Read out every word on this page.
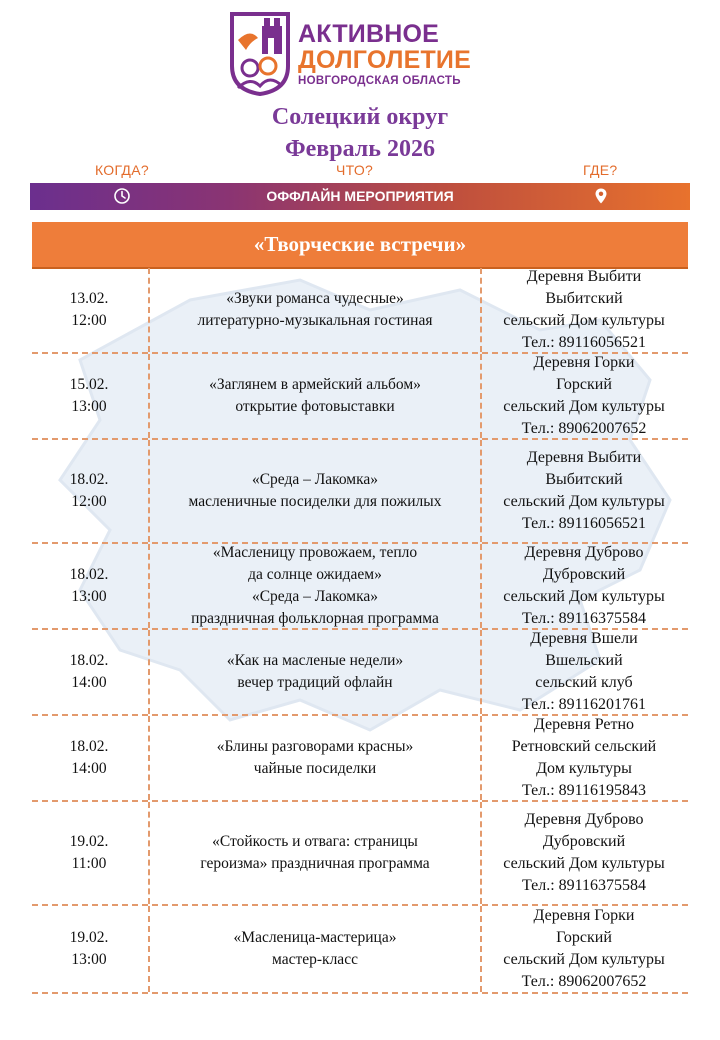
АКТИВНОЕ
ДОЛГОЛЕТИЕ
НОВГОРОДСКАЯ ОБЛАСТЬ
Солецкий округ
Февраль 2026
КОГДА?	ЧТО?	ГДЕ?
ОФФЛАЙН МЕРОПРИЯТИЯ
«Творческие встречи»
13.02.
12:00
«Звуки романса чудесные»
литературно-музыкальная гостиная
Деревня Выбити
Выбитский
сельский Дом культуры
Тел.: 89116056521
15.02.
13:00
«Заглянем в армейский альбом»
открытие фотовыставки
Деревня Горки
Горский
сельский Дом культуры
Тел.: 89062007652
18.02.
12:00
«Среда – Лакомка»
масленичные посиделки для пожилых
Деревня Выбити
Выбитский
сельский Дом культуры
Тел.: 89116056521
18.02.
13:00
«Масленицу провожаем, тепло
да солнце ожидаем»
«Среда – Лакомка»
праздничная фольклорная программа
Деревня Дуброво
Дубровский
сельский Дом культуры
Тел.: 89116375584
18.02.
14:00
«Как на масленые недели»
вечер традиций офлайн
Деревня Вшели
Вшельский
сельский клуб
Тел.: 89116201761
18.02.
14:00
«Блины разговорами красны»
чайные посиделки
Деревня Ретно
Ретновский сельский
Дом культуры
Тел.: 89116195843
19.02.
11:00
«Стойкость и отвага: страницы
героизма» праздничная программа
Деревня Дуброво
Дубровский
сельский Дом культуры
Тел.: 89116375584
19.02.
13:00
«Масленица-мастерица»
мастер-класс
Деревня Горки
Горский
сельский Дом культуры
Тел.: 89062007652
